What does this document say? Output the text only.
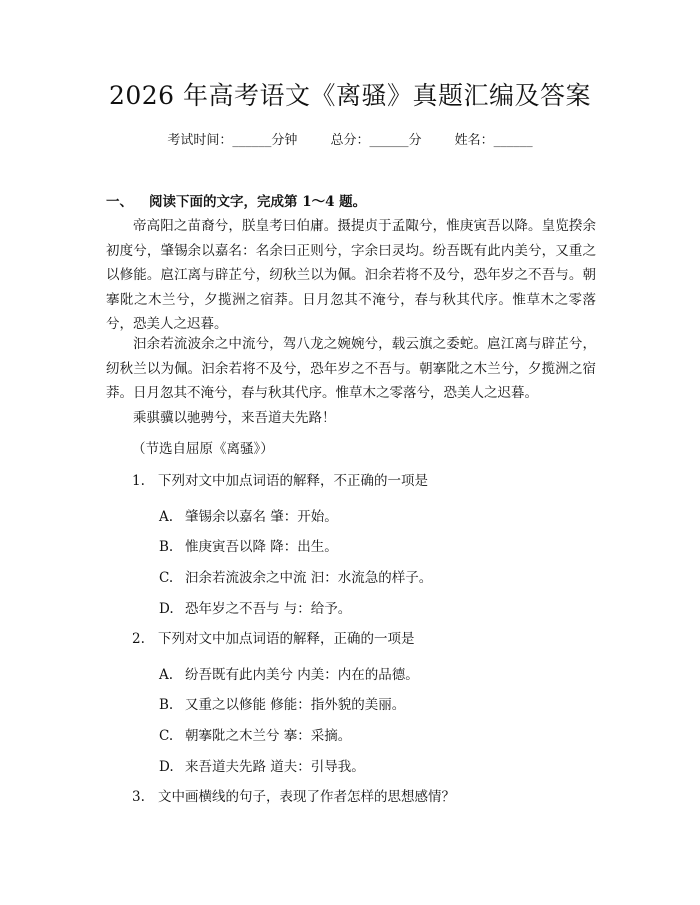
2026 年高考语文《离骚》真题汇编及答案
考试时间：______分钟	总分：______分	姓名：______
一、 阅读下面的文字，完成第 1～4 题。
帝高阳之苗裔兮，朕皇考曰伯庸。摄提贞于孟陬兮，惟庚寅吾以降。皇览揆余初度兮，肇锡余以嘉名：名余曰正则兮，字余曰灵均。纷吾既有此内美兮，又重之以修能。扈江离与辟芷兮，纫秋兰以为佩。汩余若将不及兮，恐年岁之不吾与。朝搴阰之木兰兮，夕揽洲之宿莽。日月忽其不淹兮，春与秋其代序。惟草木之零落兮，恐美人之迟暮。
汩余若流波余之中流兮，驾八龙之婉婉兮，载云旗之委蛇。扈江离与辟芷兮，纫秋兰以为佩。汩余若将不及兮，恐年岁之不吾与。朝搴阰之木兰兮，夕揽洲之宿莽。日月忽其不淹兮，春与秋其代序。惟草木之零落兮，恐美人之迟暮。
乘骐骥以驰骋兮，来吾道夫先路！
（节选自屈原《离骚》）
1. 下列对文中加点词语的解释，不正确的一项是
A. 肇锡余以嘉名 肇：开始。
B. 惟庚寅吾以降 降：出生。
C. 汩余若流波余之中流 汩：水流急的样子。
D. 恐年岁之不吾与 与：给予。
2. 下列对文中加点词语的解释，正确的一项是
A. 纷吾既有此内美兮 内美：内在的品德。
B. 又重之以修能 修能：指外貌的美丽。
C. 朝搴阰之木兰兮 搴：采摘。
D. 来吾道夫先路 道夫：引导我。
3. 文中画横线的句子，表现了作者怎样的思想感情？
